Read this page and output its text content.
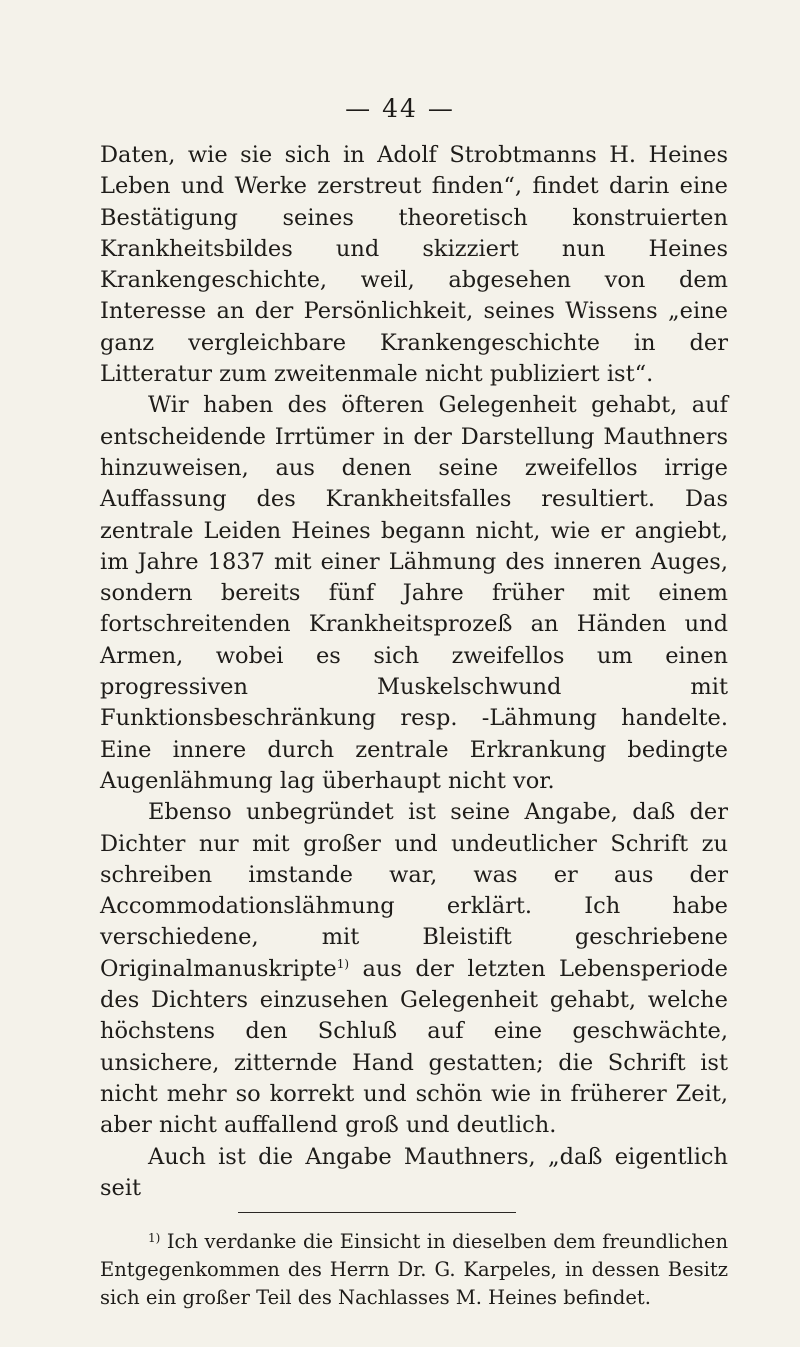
— 44 —

Daten, wie sie sich in Adolf Strobtmanns H. Heines Leben und Werke zerstreut finden“, findet darin eine Bestätigung seines theoretisch konstruierten Krankheitsbildes und skizziert nun Heines Krankengeschichte, weil, abgesehen von dem Interesse an der Persönlichkeit, seines Wissens „eine ganz vergleichbare Krankengeschichte in der Litteratur zum zweitenmale nicht publiziert ist“.

Wir haben des öfteren Gelegenheit gehabt, auf entscheidende Irrtümer in der Darstellung Mauthners hinzuweisen, aus denen seine zweifellos irrige Auffassung des Krankheitsfalles resultiert. Das zentrale Leiden Heines begann nicht, wie er angiebt, im Jahre 1837 mit einer Lähmung des inneren Auges, sondern bereits fünf Jahre früher mit einem fortschreitenden Krankheitsprozeß an Händen und Armen, wobei es sich zweifellos um einen progressiven Muskelschwund mit Funktionsbeschränkung resp. -Lähmung handelte. Eine innere durch zentrale Erkrankung bedingte Augenlähmung lag überhaupt nicht vor.

Ebenso unbegründet ist seine Angabe, daß der Dichter nur mit großer und undeutlicher Schrift zu schreiben imstande war, was er aus der Accommodationslähmung erklärt. Ich habe verschiedene, mit Bleistift geschriebene Originalmanuskripte$^{1)}$ aus der letzten Lebensperiode des Dichters einzusehen Gelegenheit gehabt, welche höchstens den Schluß auf eine geschwächte, unsichere, zitternde Hand gestatten; die Schrift ist nicht mehr so korrekt und schön wie in früherer Zeit, aber nicht auffallend groß und deutlich.

Auch ist die Angabe Mauthners, „daß eigentlich seit

$^{1)}$ Ich verdanke die Einsicht in dieselben dem freundlichen Entgegenkommen des Herrn Dr. G. Karpeles, in dessen Besitz sich ein großer Teil des Nachlasses M. Heines befindet.
